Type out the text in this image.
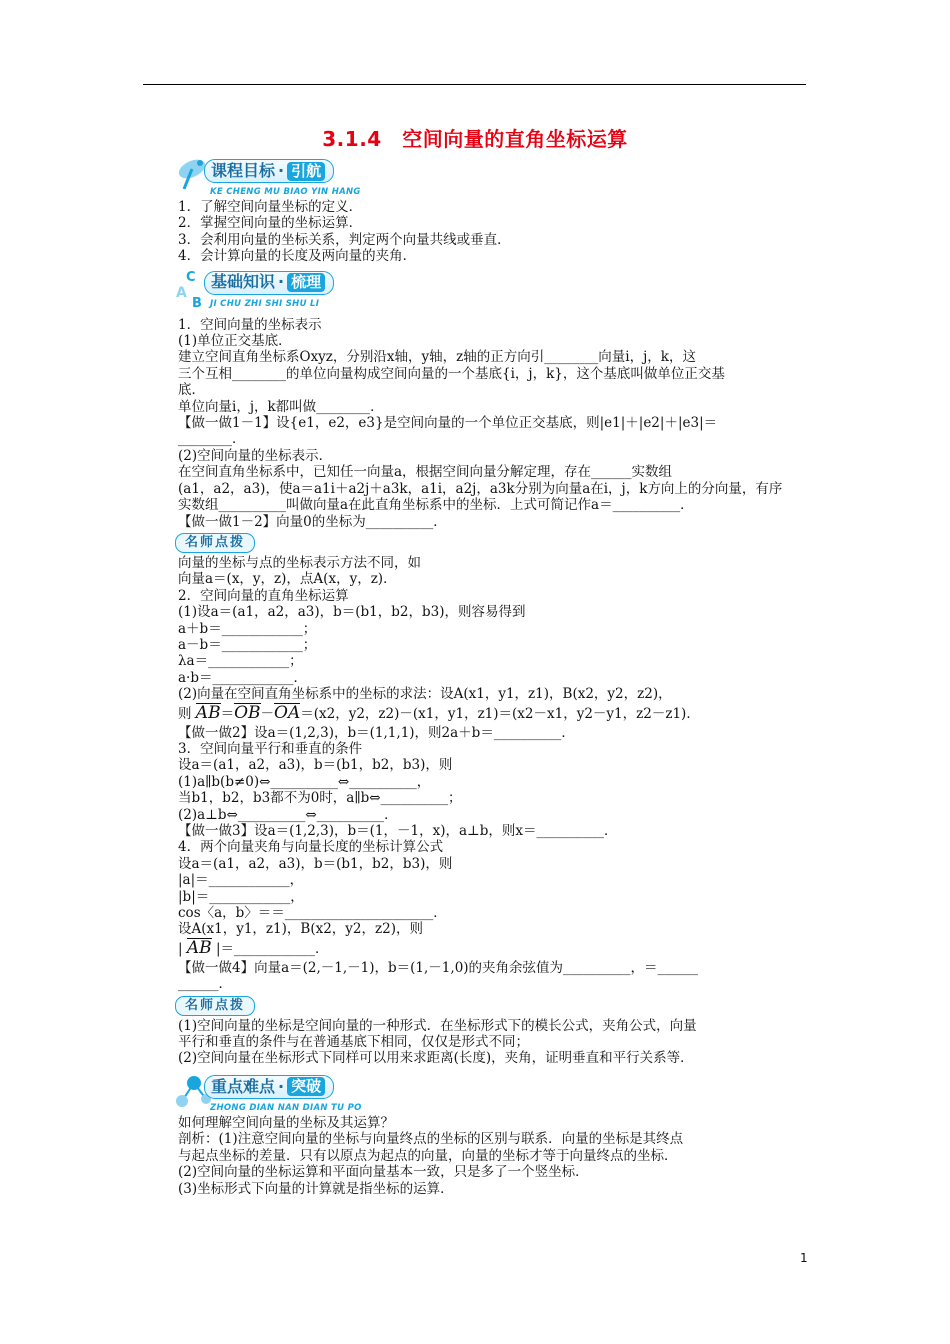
3.1.4　空间向量的直角坐标运算
课程目标 · 引航
KE CHENG MU BIAO YIN HANG

1．了解空间向量坐标的定义．

2．掌握空间向量的坐标运算．

3．会利用向量的坐标关系，判定两个向量共线或垂直．

4．会计算向量的长度及两向量的夹角．

C
A
B
基础知识 · 梳理
JI CHU ZHI SHI SHU LI

1．空间向量的坐标表示

(1)单位正交基底．

建立空间直角坐标系Oxyz，分别沿x轴，y轴，z轴的正方向引________向量i，j，k，这

三个互相________的单位向量构成空间向量的一个基底{i，j，k}，这个基底叫做单位正交基

底．

单位向量i，j，k都叫做________．

【做一做1－1】设{e1，e2，e3}是空间向量的一个单位正交基底，则|e1|＋|e2|＋|e3|＝

________．

(2)空间向量的坐标表示．

在空间直角坐标系中，已知任一向量a，根据空间向量分解定理，存在______实数组

(a1，a2，a3)，使a＝a1i＋a2j＋a3k，a1i，a2j，a3k分别为向量a在i，j，k方向上的分向量，有序

实数组__________叫做向量a在此直角坐标系中的坐标．上式可简记作a＝__________．

【做一做1－2】向量0的坐标为__________．

名师点拨

向量的坐标与点的坐标表示方法不同，如

向量a＝(x，y，z)，点A(x，y，z)．

2．空间向量的直角坐标运算

(1)设a＝(a1，a2，a3)，b＝(b1，b2，b3)，则容易得到

a＋b＝____________；

a－b＝____________；

λa＝____________；

a·b＝____________．

(2)向量在空间直角坐标系中的坐标的求法：设A(x1，y1，z1)，B(x2，y2，z2)，

则 AB＝OB－OA＝(x2，y2，z2)－(x1，y1，z1)＝(x2－x1，y2－y1，z2－z1)．

【做一做2】设a＝(1,2,3)，b＝(1,1,1)，则2a＋b＝__________．

3．空间向量平行和垂直的条件

设a＝(a1，a2，a3)，b＝(b1，b2，b3)，则

(1)a∥b(b≠0)⇔__________⇔__________，

当b1，b2，b3都不为0时，a∥b⇔__________；

(2)a⊥b⇔__________⇔__________．

【做一做3】设a＝(1,2,3)，b＝(1，－1，x)，a⊥b，则x＝__________．

4．两个向量夹角与向量长度的坐标计算公式

设a＝(a1，a2，a3)，b＝(b1，b2，b3)，则

|a|＝____________，

|b|＝____________，

cos〈a，b〉＝＝______________________．

设A(x1，y1，z1)，B(x2，y2，z2)，则

| AB |＝____________．

【做一做4】向量a＝(2,－1,－1)，b＝(1,－1,0)的夹角余弦值为__________，＝______

______．

名师点拨

(1)空间向量的坐标是空间向量的一种形式．在坐标形式下的模长公式，夹角公式，向量

平行和垂直的条件与在普通基底下相同，仅仅是形式不同；

(2)空间向量在坐标形式下同样可以用来求距离(长度)，夹角，证明垂直和平行关系等．

重点难点 · 突破
ZHONG DIAN NAN DIAN TU PO

如何理解空间向量的坐标及其运算？

剖析：(1)注意空间向量的坐标与向量终点的坐标的区别与联系．向量的坐标是其终点

与起点坐标的差量．只有以原点为起点的向量，向量的坐标才等于向量终点的坐标．

(2)空间向量的坐标运算和平面向量基本一致，只是多了一个竖坐标．

(3)坐标形式下向量的计算就是指坐标的运算．

1
